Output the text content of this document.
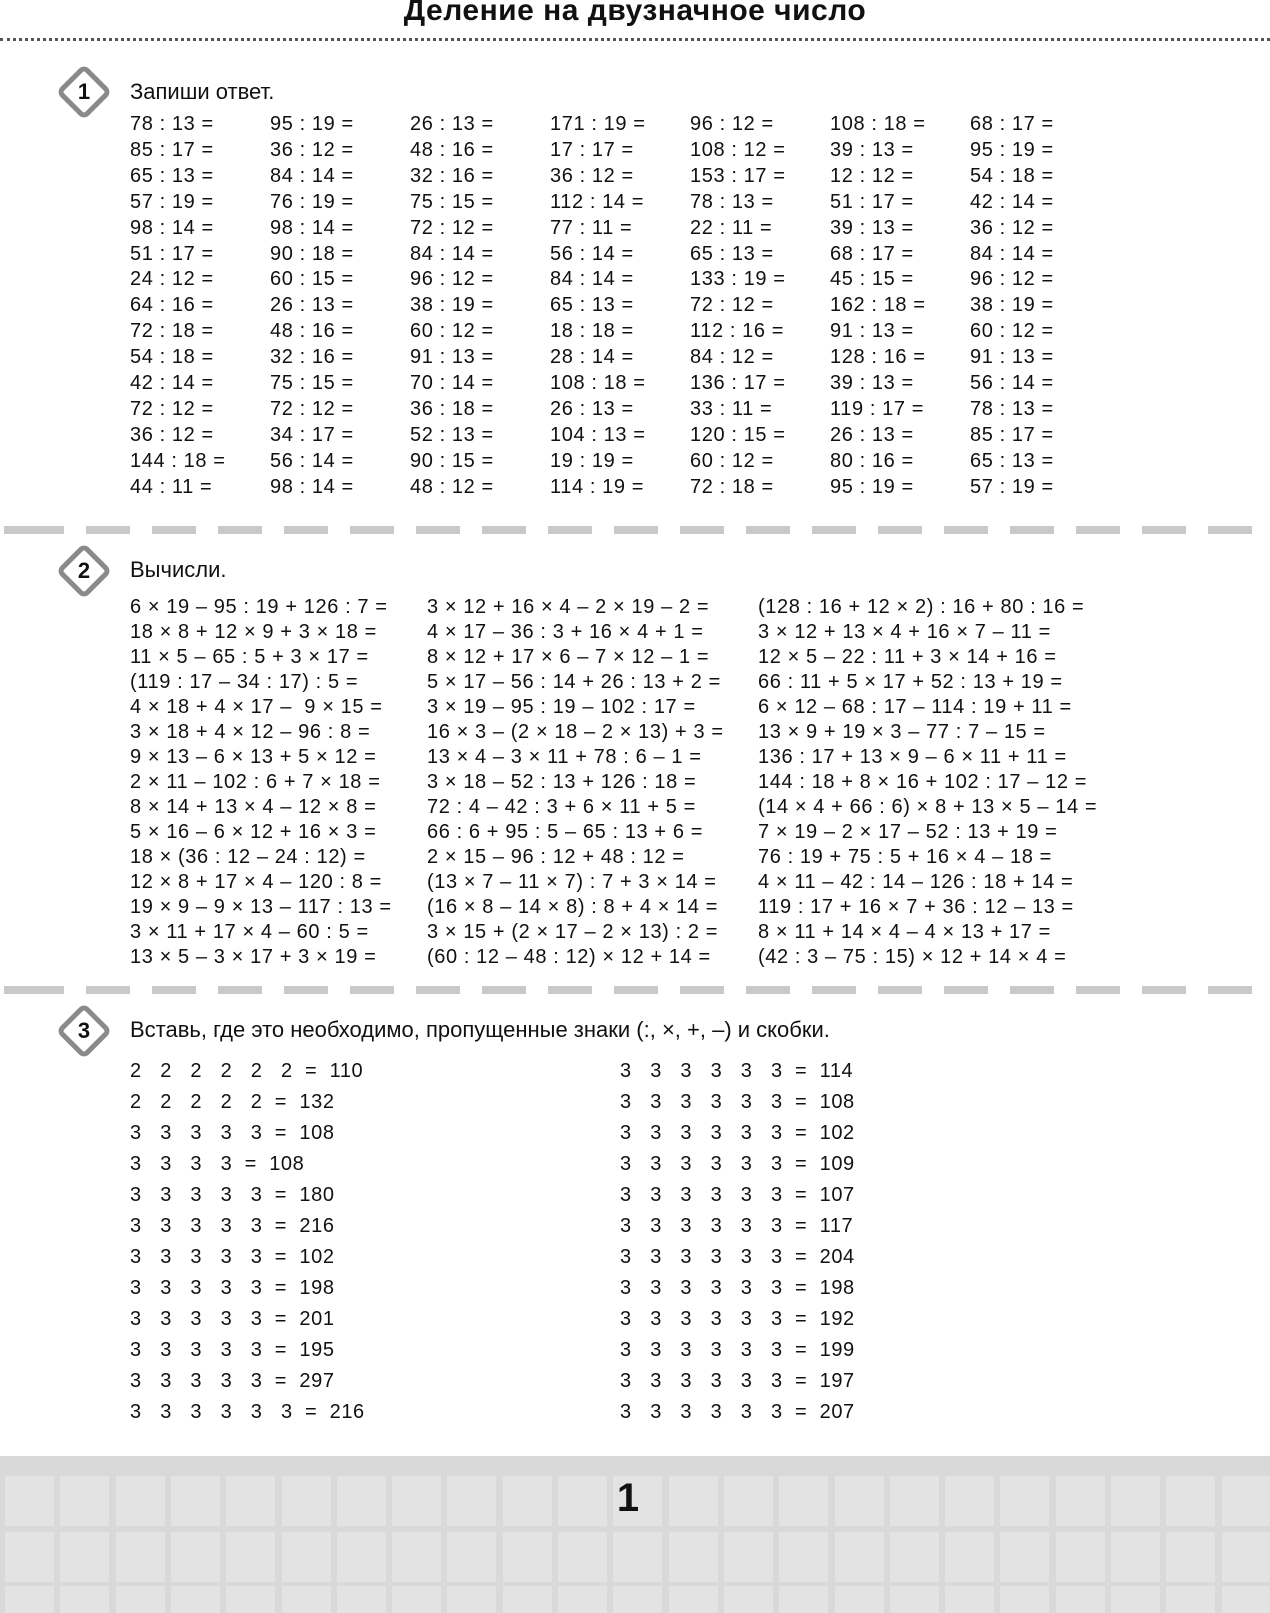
Деление на двузначное число
1	Запиши ответ.
78 : 13 =	95 : 19 =	26 : 13 =	171 : 19 = 96 : 12 =	108 : 18 = 68 : 17 =
85 : 17 =	36 : 12 =	48 : 16 =	17 : 17 =	108 : 12 = 39 : 13 =	95 : 19 =
65 : 13 =	84 : 14 =	32 : 16 =	36 : 12 =	153 : 17 = 12 : 12 =	54 : 18 =
57 : 19 =	76 : 19 =	75 : 15 =	112 : 14 = 78 : 13 =	51 : 17 =	42 : 14 =
98 : 14 =	98 : 14 =	72 : 12 =	77 : 11 =	22 : 11 =	39 : 13 =	36 : 12 =
51 : 17 =	90 : 18 =	84 : 14 =	56 : 14 =	65 : 13 =	68 : 17 =	84 : 14 =
24 : 12 =	60 : 15 =	96 : 12 =	84 : 14 =	133 : 19 = 45 : 15 =	96 : 12 =
64 : 16 =	26 : 13 =	38 : 19 =	65 : 13 =	72 : 12 =	162 : 18 = 38 : 19 =
72 : 18 =	48 : 16 =	60 : 12 =	18 : 18 =	112 : 16 = 91 : 13 =	60 : 12 =
54 : 18 =	32 : 16 =	91 : 13 =	28 : 14 =	84 : 12 =	128 : 16 = 91 : 13 =
42 : 14 =	75 : 15 =	70 : 14 =	108 : 18 = 136 : 17 = 39 : 13 =	56 : 14 =
72 : 12 =	72 : 12 =	36 : 18 =	26 : 13 =	33 : 11 =	119 : 17 = 78 : 13 =
36 : 12 =	34 : 17 =	52 : 13 =	104 : 13 = 120 : 15 = 26 : 13 =	85 : 17 =
144 : 18 = 56 : 14 =	90 : 15 =	19 : 19 =	60 : 12 =	80 : 16 =	65 : 13 =
44 : 11 =	98 : 14 =	48 : 12 =	114 : 19 = 72 : 18 =	95 : 19 =	57 : 19 =
2	Вычисли.
6 × 19 – 95 : 19 + 126 : 7 = 3 × 12 + 16 × 4 – 2 × 19 – 2 = (128 : 16 + 12 × 2) : 16 + 80 : 16 =
18 × 8 + 12 × 9 + 3 × 18 =	4 × 17 – 36 : 3 + 16 × 4 + 1 =	3 × 12 + 13 × 4 + 16 × 7 – 11 =
11 × 5 – 65 : 5 + 3 × 17 =	8 × 12 + 17 × 6 – 7 × 12 – 1 = 12 × 5 – 22 : 11 + 3 × 14 + 16 =
(119 : 17 – 34 : 17) : 5 =	5 × 17 – 56 : 14 + 26 : 13 + 2 = 66 : 11 + 5 × 17 + 52 : 13 + 19 =
4 × 18 + 4 × 17 –  9 × 15 = 3 × 19 – 95 : 19 – 102 : 17 =	6 × 12 – 68 : 17 – 114 : 19 + 11 =
3 × 18 + 4 × 12 – 96 : 8 =	16 × 3 – (2 × 18 – 2 × 13) + 3 = 13 × 9 + 19 × 3 – 77 : 7 – 15 =
9 × 13 – 6 × 13 + 5 × 12 =	13 × 4 – 3 × 11 + 78 : 6 – 1 =	136 : 17 + 13 × 9 – 6 × 11 + 11 =
2 × 11 – 102 : 6 + 7 × 18 = 3 × 18 – 52 : 13 + 126 : 18 =	144 : 18 + 8 × 16 + 102 : 17 – 12 =
8 × 14 + 13 × 4 – 12 × 8 =	72 : 4 – 42 : 3 + 6 × 11 + 5 =	(14 × 4 + 66 : 6) × 8 + 13 × 5 – 14 =
5 × 16 – 6 × 12 + 16 × 3 =	66 : 6 + 95 : 5 – 65 : 13 + 6 =	7 × 19 – 2 × 17 – 52 : 13 + 19 =
18 × (36 : 12 – 24 : 12) =	2 × 15 – 96 : 12 + 48 : 12 =	76 : 19 + 75 : 5 + 16 × 4 – 18 =
12 × 8 + 17 × 4 – 120 : 8 = (13 × 7 – 11 × 7) : 7 + 3 × 14 = 4 × 11 – 42 : 14 – 126 : 18 + 14 =
19 × 9 – 9 × 13 – 117 : 13 = (16 × 8 – 14 × 8) : 8 + 4 × 14 = 119 : 17 + 16 × 7 + 36 : 12 – 13 =
3 × 11 + 17 × 4 – 60 : 5 =	3 × 15 + (2 × 17 – 2 × 13) : 2 = 8 × 11 + 14 × 4 – 4 × 13 + 17 =
13 × 5 – 3 × 17 + 3 × 19 =	(60 : 12 – 48 : 12) × 12 + 14 = (42 : 3 – 75 : 15) × 12 + 14 × 4 =
3	Вставь, где это необходимо, пропущенные знаки (:, ×, +, –) и скобки.
2   2   2   2   2   2  =  110	3   3   3   3   3   3  =  114
2   2   2   2   2  =  132	3   3   3   3   3   3  =  108
3   3   3   3   3  =  108	3   3   3   3   3   3  =  102
3   3   3   3  =  108	3   3   3   3   3   3  =  109
3   3   3   3   3  =  180	3   3   3   3   3   3  =  107
3   3   3   3   3  =  216	3   3   3   3   3   3  =  117
3   3   3   3   3  =  102	3   3   3   3   3   3  =  204
3   3   3   3   3  =  198	3   3   3   3   3   3  =  198
3   3   3   3   3  =  201	3   3   3   3   3   3  =  192
3   3   3   3   3  =  195	3   3   3   3   3   3  =  199
3   3   3   3   3  =  297	3   3   3   3   3   3  =  197
3   3   3   3   3   3  =  216	3   3   3   3   3   3  =  207
1
